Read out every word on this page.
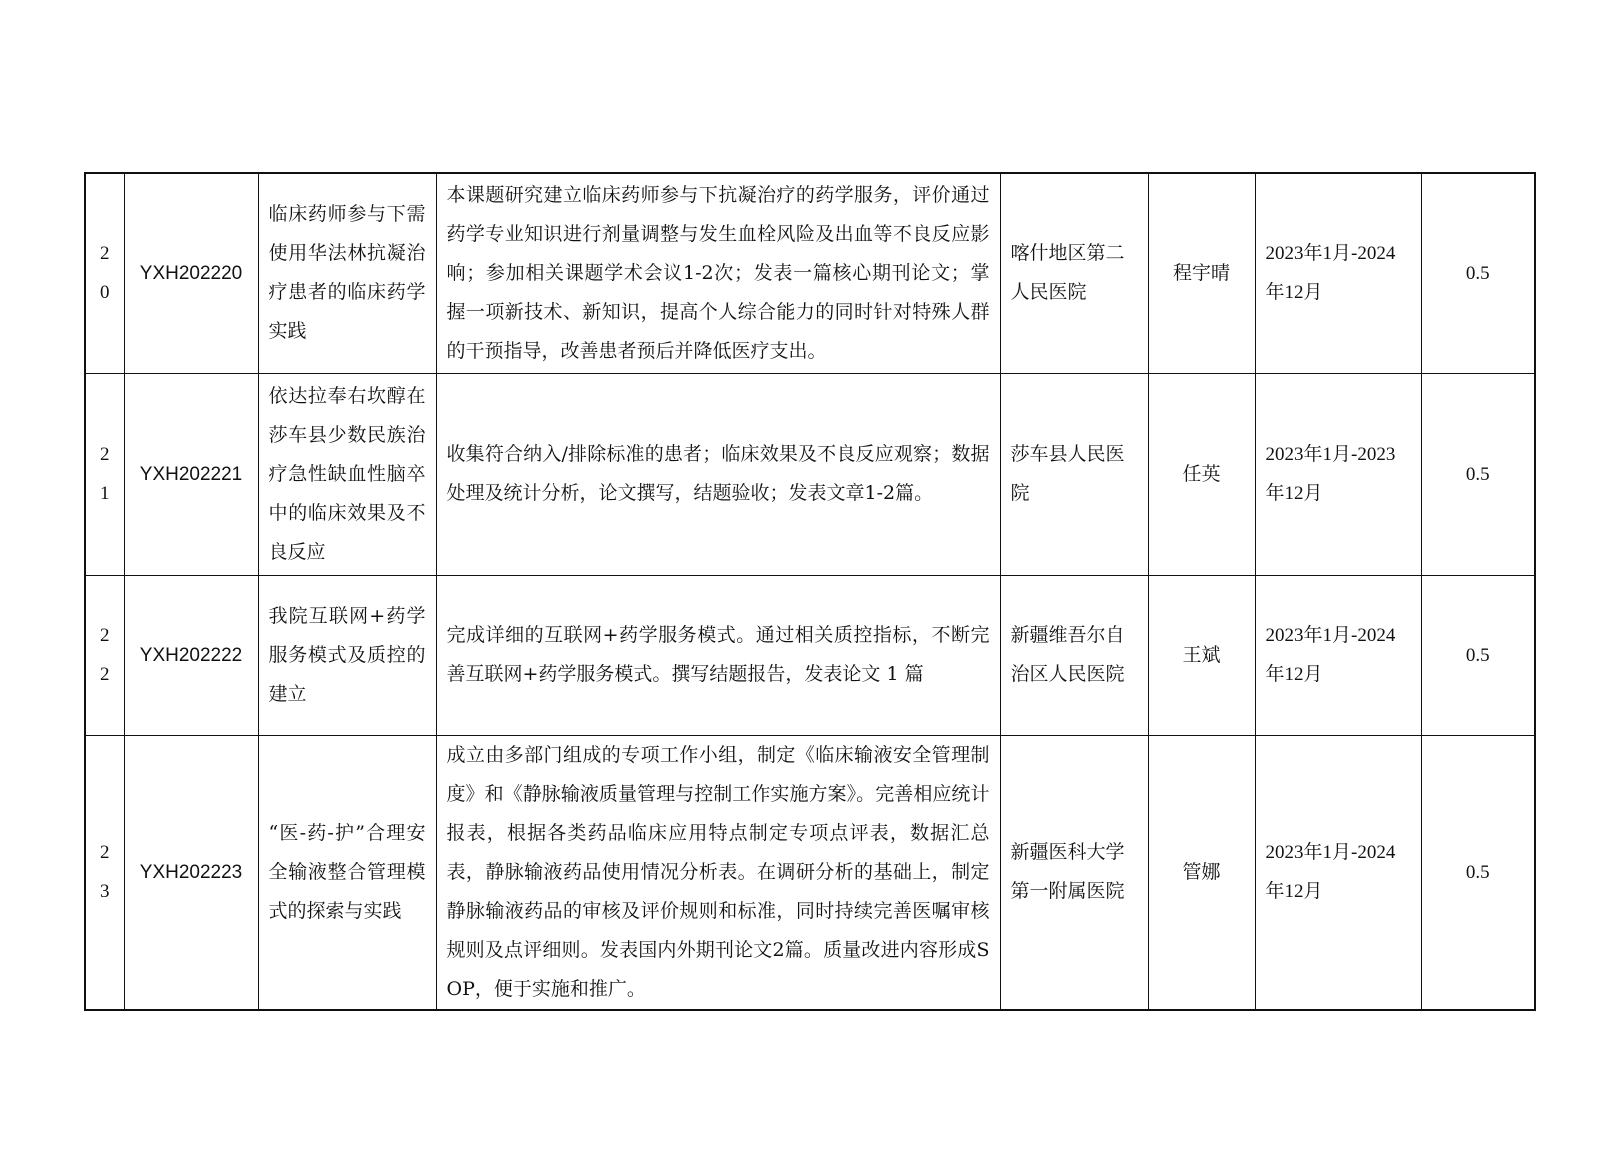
20	YXH202220	临床药师参与下需使用华法林抗凝治疗患者的临床药学实践	本课题研究建立临床药师参与下抗凝治疗的药学服务，评价通过药学专业知识进行剂量调整与发生血栓风险及出血等不良反应影响；参加相关课题学术会议1-2次；发表一篇核心期刊论文；掌握一项新技术、新知识，提高个人综合能力的同时针对特殊人群的干预指导，改善患者预后并降低医疗支出。	喀什地区第二人民医院	程宇晴	2023年1月-2024年12月	0.5
21	YXH202221	依达拉奉右坎醇在莎车县少数民族治疗急性缺血性脑卒中的临床效果及不良反应	收集符合纳入/排除标准的患者；临床效果及不良反应观察；数据处理及统计分析，论文撰写，结题验收；发表文章1-2篇。	莎车县人民医院	任英	2023年1月-2023年12月	0.5
22	YXH202222	我院互联网+药学服务模式及质控的建立	完成详细的互联网+药学服务模式。通过相关质控指标，不断完善互联网+药学服务模式。撰写结题报告，发表论文 1 篇	新疆维吾尔自治区人民医院	王斌	2023年1月-2024年12月	0.5
23	YXH202223	“医-药-护”合理安全输液整合管理模式的探索与实践	成立由多部门组成的专项工作小组，制定《临床输液安全管理制度》和《静脉输液质量管理与控制工作实施方案》。完善相应统计报表，根据各类药品临床应用特点制定专项点评表，数据汇总表，静脉输液药品使用情况分析表。在调研分析的基础上，制定静脉输液药品的审核及评价规则和标准，同时持续完善医嘱审核规则及点评细则。发表国内外期刊论文2篇。质量改进内容形成SOP，便于实施和推广。	新疆医科大学第一附属医院	管娜	2023年1月-2024年12月	0.5
